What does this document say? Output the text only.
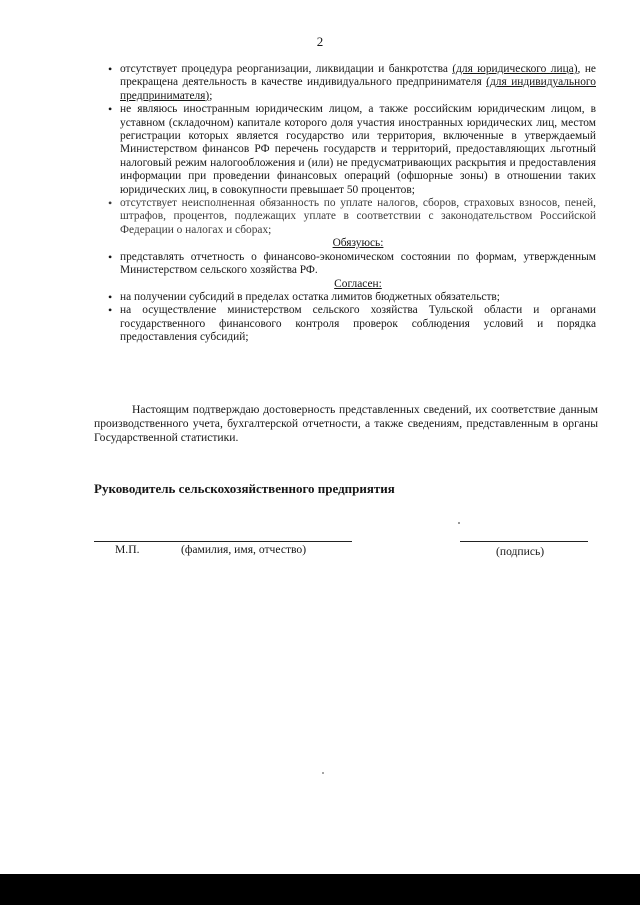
2
• отсутствует процедура реорганизации, ликвидации и банкротства (для юридического лица), не прекращена деятельность в качестве индивидуального предпринимателя (для индивидуального предпринимателя);
• не являюсь иностранным юридическим лицом, а также российским юридическим лицом, в уставном (складочном) капитале которого доля участия иностранных юридических лиц, местом регистрации которых является государство или территория, включенные в утверждаемый Министерством финансов РФ перечень государств и территорий, предоставляющих льготный налоговый режим налогообложения и (или) не предусматривающих раскрытия и предоставления информации при проведении финансовых операций (офшорные зоны) в отношении таких юридических лиц, в совокупности превышает 50 процентов;
• отсутствует неисполненная обязанность по уплате налогов, сборов, страховых взносов, пеней, штрафов, процентов, подлежащих уплате в соответствии с законодательством Российской Федерации о налогах и сборах;
Обязуюсь:
• представлять отчетность о финансово-экономическом состоянии по формам, утвержденным Министерством сельского хозяйства РФ.
Согласен:
• на получении субсидий в пределах остатка лимитов бюджетных обязательств;
• на осуществление министерством сельского хозяйства Тульской области и органами государственного финансового контроля проверок соблюдения условий и порядка предоставления субсидий;
Настоящим подтверждаю достоверность представленных сведений, их соответствие данным производственного учета, бухгалтерской отчетности, а также сведениям, представленным в органы Государственной статистики.
Руководитель сельскохозяйственного предприятия
М.П.	(фамилия, имя, отчество)	(подпись)
